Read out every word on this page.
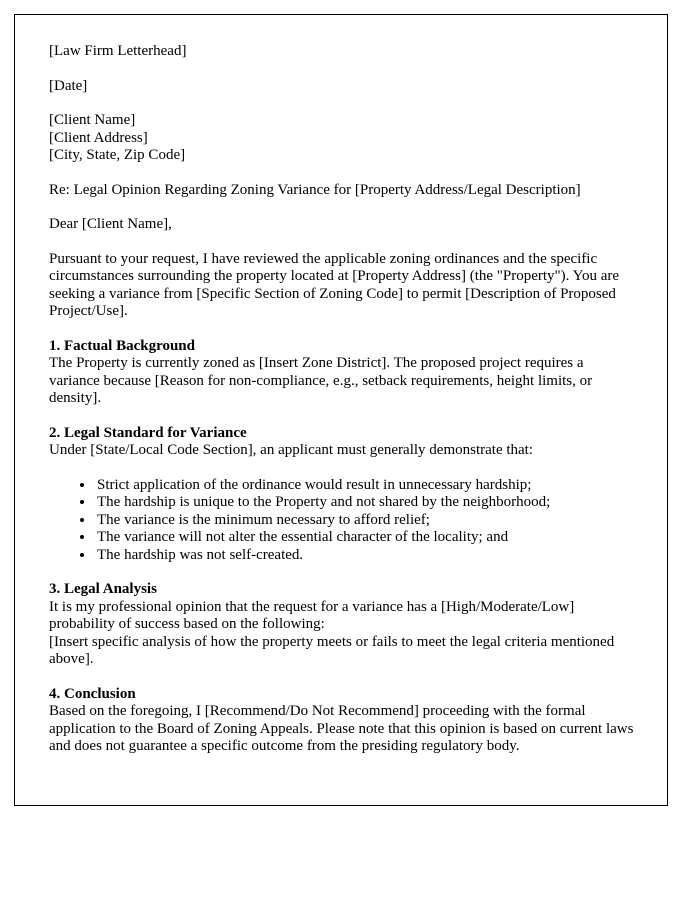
[Law Firm Letterhead]

[Date]

[Client Name]
[Client Address]
[City, State, Zip Code]

Re: Legal Opinion Regarding Zoning Variance for [Property Address/Legal Description]

Dear [Client Name],

Pursuant to your request, I have reviewed the applicable zoning ordinances and the specific circumstances surrounding the property located at [Property Address] (the "Property"). You are seeking a variance from [Specific Section of Zoning Code] to permit [Description of Proposed Project/Use].

1. Factual Background
The Property is currently zoned as [Insert Zone District]. The proposed project requires a variance because [Reason for non-compliance, e.g., setback requirements, height limits, or density].
2. Legal Standard for Variance
Under [State/Local Code Section], an applicant must generally demonstrate that:
• Strict application of the ordinance would result in unnecessary hardship;
• The hardship is unique to the Property and not shared by the neighborhood;
• The variance is the minimum necessary to afford relief;
• The variance will not alter the essential character of the locality; and
• The hardship was not self-created.
3. Legal Analysis
It is my professional opinion that the request for a variance has a [High/Moderate/Low] probability of success based on the following:
[Insert specific analysis of how the property meets or fails to meet the legal criteria mentioned above].
4. Conclusion
Based on the foregoing, I [Recommend/Do Not Recommend] proceeding with the formal application to the Board of Zoning Appeals. Please note that this opinion is based on current laws and does not guarantee a specific outcome from the presiding regulatory body.
